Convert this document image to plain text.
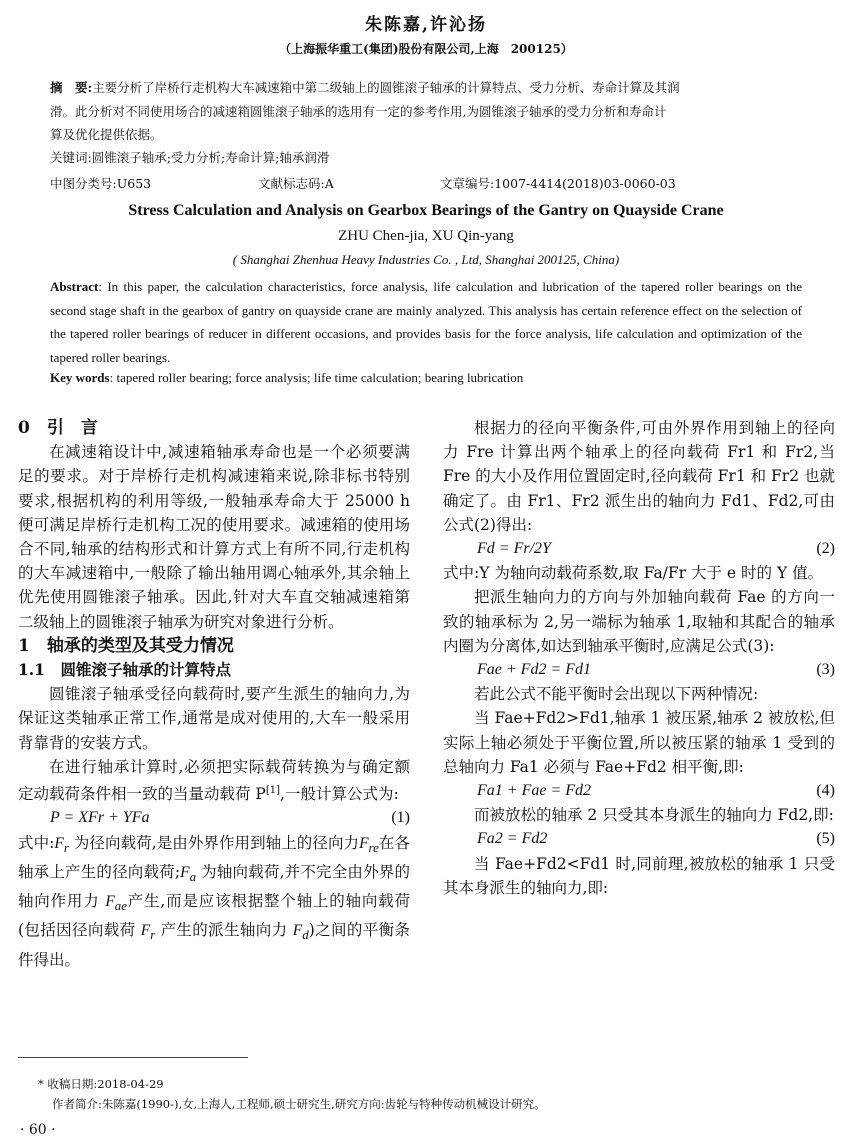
朱陈嘉,许沁扬
（上海振华重工(集团)股份有限公司,上海　200125）
摘　要:主要分析了岸桥行走机构大车减速箱中第二级轴上的圆锥滚子轴承的计算特点、受力分析、寿命计算及其润
滑。此分析对不同使用场合的减速箱圆锥滚子轴承的选用有一定的参考作用,为圆锥滚子轴承的受力分析和寿命计
算及优化提供依据。
关键词:圆锥滚子轴承;受力分析;寿命计算;轴承润滑
中图分类号:U653	文献标志码:A	文章编号:1007-4414(2018)03-0060-03
Stress Calculation and Analysis on Gearbox Bearings of the Gantry on Quayside Crane
ZHU Chen-jia, XU Qin-yang
( Shanghai Zhenhua Heavy Industries Co. , Ltd, Shanghai 200125, China)
Abstract: In this paper, the calculation characteristics, force analysis, life calculation and lubrication of the tapered roller bearings on the second stage shaft in the gearbox of gantry on quayside crane are mainly analyzed. This analysis has certain reference effect on the selection of the tapered roller bearings of reducer in different occasions, and provides basis for the force analysis, life calculation and optimization of the tapered roller bearings.
Key words: tapered roller bearing; force analysis; life time calculation; bearing lubrication

0　引　言

在减速箱设计中,减速箱轴承寿命也是一个必须要满足的要求。对于岸桥行走机构减速箱来说,除非标书特别要求,根据机构的利用等级,一般轴承寿命大于 25000 h 便可满足岸桥行走机构工况的使用要求。减速箱的使用场合不同,轴承的结构形式和计算方式上有所不同,行走机构的大车减速箱中,一般除了输出轴用调心轴承外,其余轴上优先使用圆锥滚子轴承。因此,针对大车直交轴减速箱第二级轴上的圆锥滚子轴承为研究对象进行分析。

1　轴承的类型及其受力情况

1.1　圆锥滚子轴承的计算特点

圆锥滚子轴承受径向载荷时,要产生派生的轴向力,为保证这类轴承正常工作,通常是成对使用的,大车一般采用背靠背的安装方式。

在进行轴承计算时,必须把实际载荷转换为与确定额定动载荷条件相一致的当量动载荷 P[1],一般计算公式为:

P = XFr + YFa	(1)

式中$:F_r$ 为径向载荷,是由外界作用到轴上的径向力$F_{re}$在各轴承上产生的径向载荷$;F_a$ 为轴向载荷,并不完全由外界的轴向作用力 $F_{ae}$产生,而是应该根据整个轴上的轴向载荷(包括因径向载荷 $F_r$ 产生的派生轴向力 $F_d$)之间的平衡条件得出。

根据力的径向平衡条件,可由外界作用到轴上的径向力 Fre 计算出两个轴承上的径向载荷 Fr1 和 Fr2,当 Fre 的大小及作用位置固定时,径向载荷 Fr1 和 Fr2 也就确定了。由 Fr1、Fr2 派生出的轴向力 Fd1、Fd2,可由公式(2)得出:

Fd = Fr/2Y	(2)

式中:Y 为轴向动载荷系数,取 Fa/Fr 大于 e 时的 Y 值。

把派生轴向力的方向与外加轴向载荷 Fae 的方向一致的轴承标为 2,另一端标为轴承 1,取轴和其配合的轴承内圈为分离体,如达到轴承平衡时,应满足公式(3):

Fae + Fd2 = Fd1	(3)

若此公式不能平衡时会出现以下两种情况:

当 Fae+Fd2>Fd1,轴承 1 被压紧,轴承 2 被放松,但实际上轴必须处于平衡位置,所以被压紧的轴承 1 受到的总轴向力 Fa1 必须与 Fae+Fd2 相平衡,即:

Fa1 + Fae = Fd2	(4)

而被放松的轴承 2 只受其本身派生的轴向力 Fd2,即:

Fa2 = Fd2	(5)

当 Fae+Fd2<Fd1 时,同前理,被放松的轴承 1 只受其本身派生的轴向力,即:

* 收稿日期:2018-04-29
作者简介:朱陈嘉(1990-),女,上海人,工程师,硕士研究生,研究方向:齿轮与特种传动机械设计研究。
· 60 ·
